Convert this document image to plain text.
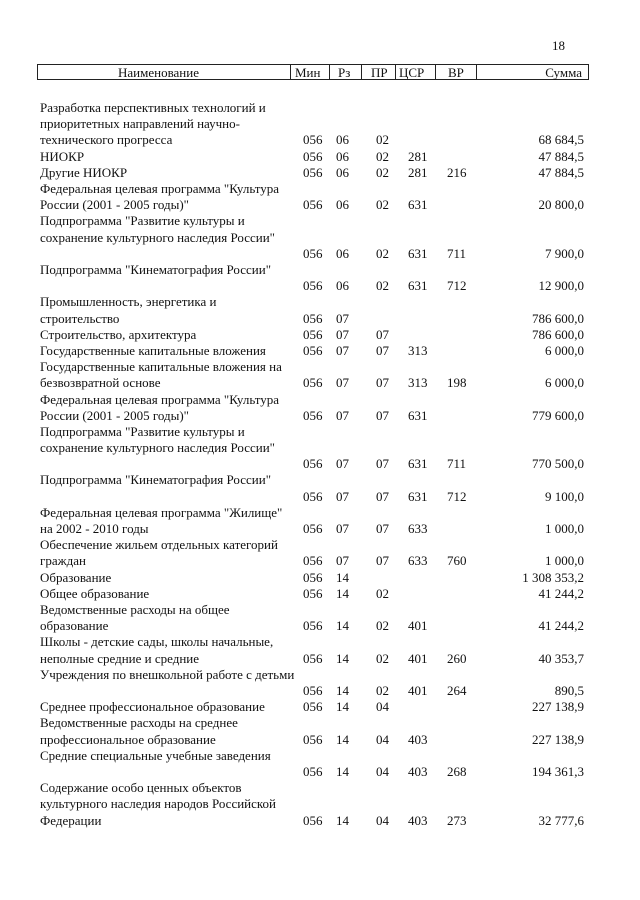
18
Наименование	Мин Рз ПР ЦСР ВР	Сумма
Разработка перспективных технологий и приоритетных направлений научно-технического прогресса	056 06 02	68 684,5
НИОКР	056 06 02 281	47 884,5
Другие НИОКР	056 06 02 281 216	47 884,5
Федеральная целевая программа "Культура России (2001 - 2005 годы)"	056 06 02 631	20 800,0
Подпрограмма "Развитие культуры и сохранение культурного наследия России"
056 06 02 631 711	7 900,0
Подпрограмма "Кинематография России"
056 06 02 631 712	12 900,0
Промышленность, энергетика и строительство	056 07	786 600,0
Строительство, архитектура	056 07 07	786 600,0
Государственные капитальные вложения	056 07 07 313	6 000,0
Государственные капитальные вложения на безвозвратной основе	056 07 07 313 198	6 000,0
Федеральная целевая программа "Культура России (2001 - 2005 годы)"	056 07 07 631	779 600,0
Подпрограмма "Развитие культуры и сохранение культурного наследия России"
056 07 07 631 711	770 500,0
Подпрограмма "Кинематография России"
056 07 07 631 712	9 100,0
Федеральная целевая программа "Жилище" на 2002 - 2010 годы	056 07 07 633	1 000,0
Обеспечение жильем отдельных категорий граждан	056 07 07 633 760	1 000,0
Образование	056 14	1 308 353,2
Общее образование	056 14 02	41 244,2
Ведомственные расходы на общее образование	056 14 02 401	41 244,2
Школы - детские сады, школы начальные, неполные средние и средние	056 14 02 401 260	40 353,7
Учреждения по внешкольной работе с детьми
056 14 02 401 264	890,5
Среднее профессиональное образование	056 14 04	227 138,9
Ведомственные расходы на среднее профессиональное образование	056 14 04 403	227 138,9
Средние специальные учебные заведения
056 14 04 403 268	194 361,3
Содержание особо ценных объектов культурного наследия народов Российской Федерации	056 14 04 403 273	32 777,6
